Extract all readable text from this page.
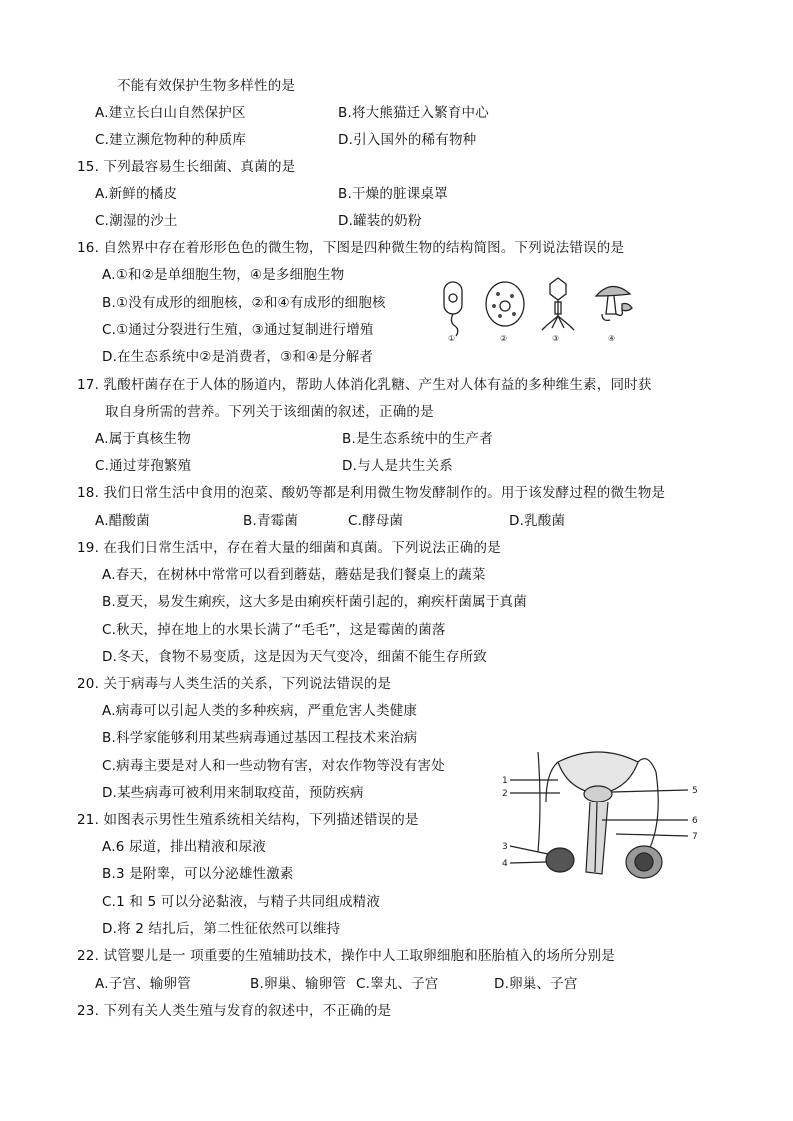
不能有效保护生物多样性的是
A.建立长白山自然保护区	B.将大熊猫迁入繁育中心
C.建立濒危物种的种质库	D.引入国外的稀有物种
15. 下列最容易生长细菌、真菌的是
A.新鲜的橘皮	B.干燥的脏课桌罩
C.潮湿的沙土	D.罐装的奶粉
16. 自然界中存在着形形色色的微生物，下图是四种微生物的结构简图。下列说法错误的是
A.①和②是单细胞生物，④是多细胞生物
B.①没有成形的细胞核，②和④有成形的细胞核
C.①通过分裂进行生殖，③通过复制进行增殖
D.在生态系统中②是消费者，③和④是分解者
①	②	③	④
17. 乳酸杆菌存在于人体的肠道内，帮助人体消化乳糖、产生对人体有益的多种维生素，同时获
取自身所需的营养。下列关于该细菌的叙述，正确的是
A.属于真核生物	B.是生态系统中的生产者
C.通过芽孢繁殖	D.与人是共生关系
18. 我们日常生活中食用的泡菜、酸奶等都是利用微生物发酵制作的。用于该发酵过程的微生物是
A.醋酸菌	B.青霉菌	C.酵母菌	D.乳酸菌
19. 在我们日常生活中，存在着大量的细菌和真菌。下列说法正确的是
A.春天，在树林中常常可以看到蘑菇，蘑菇是我们餐桌上的蔬菜
B.夏天，易发生痢疾，这大多是由痢疾杆菌引起的，痢疾杆菌属于真菌
C.秋天，掉在地上的水果长满了“毛毛”，这是霉菌的菌落
D.冬天，食物不易变质，这是因为天气变冷，细菌不能生存所致
20. 关于病毒与人类生活的关系，下列说法错误的是
A.病毒可以引起人类的多种疾病，严重危害人类健康
B.科学家能够利用某些病毒通过基因工程技术来治病
C.病毒主要是对人和一些动物有害，对农作物等没有害处
D.某些病毒可被利用来制取疫苗，预防疾病
21. 如图表示男性生殖系统相关结构，下列描述错误的是
A.6 尿道，排出精液和尿液
B.3 是附睾，可以分泌雄性激素
C.1 和 5 可以分泌黏液，与精子共同组成精液
D.将 2 结扎后，第二性征依然可以维持
1
2
3
4
5
6
7
22. 试管婴儿是一 项重要的生殖辅助技术，操作中人工取卵细胞和胚胎植入的场所分别是
A.子宫、输卵管	B.卵巢、输卵管 C.睾丸、子宫	D.卵巢、子宫
23. 下列有关人类生殖与发育的叙述中，不正确的是
